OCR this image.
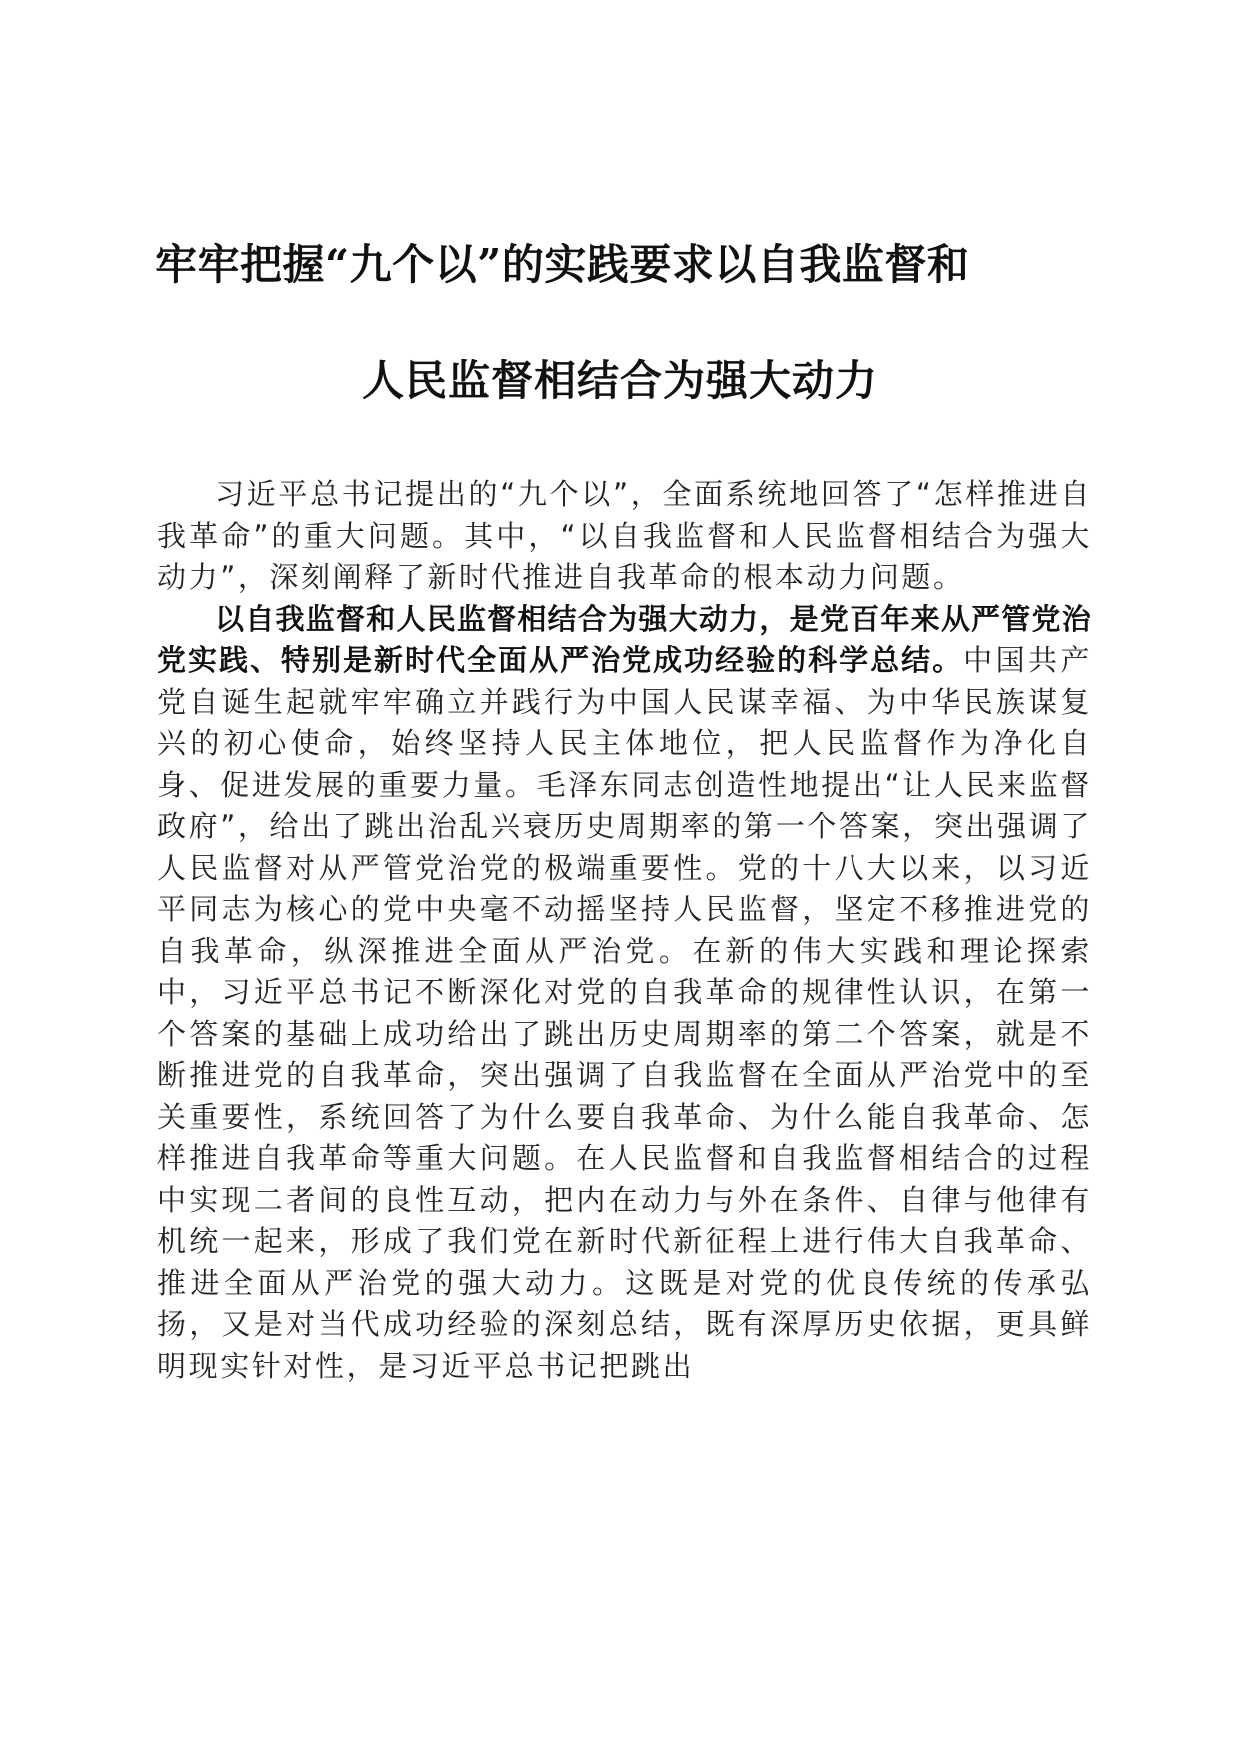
牢牢把握“九个以”的实践要求以自我监督和
人民监督相结合为强大动力

习近平总书记提出的“九个以”，全面系统地回答了“怎样推进自我革命”的重大问题。其中，“以自我监督和人民监督相结合为强大动力”，深刻阐释了新时代推进自我革命的根本动力问题。

以自我监督和人民监督相结合为强大动力，是党百年来从严管党治党实践、特别是新时代全面从严治党成功经验的科学总结。中国共产党自诞生起就牢牢确立并践行为中国人民谋幸福、为中华民族谋复兴的初心使命，始终坚持人民主体地位，把人民监督作为净化自身、促进发展的重要力量。毛泽东同志创造性地提出“让人民来监督政府”，给出了跳出治乱兴衰历史周期率的第一个答案，突出强调了人民监督对从严管党治党的极端重要性。党的十八大以来，以习近平同志为核心的党中央毫不动摇坚持人民监督，坚定不移推进党的自我革命，纵深推进全面从严治党。在新的伟大实践和理论探索中，习近平总书记不断深化对党的自我革命的规律性认识，在第一个答案的基础上成功给出了跳出历史周期率的第二个答案，就是不断推进党的自我革命，突出强调了自我监督在全面从严治党中的至关重要性，系统回答了为什么要自我革命、为什么能自我革命、怎样推进自我革命等重大问题。在人民监督和自我监督相结合的过程中实现二者间的良性互动，把内在动力与外在条件、自律与他律有机统一起来，形成了我们党在新时代新征程上进行伟大自我革命、推进全面从严治党的强大动力。这既是对党的优良传统的传承弘扬，又是对当代成功经验的深刻总结，既有深厚历史依据，更具鲜明现实针对性，是习近平总书记把跳出
